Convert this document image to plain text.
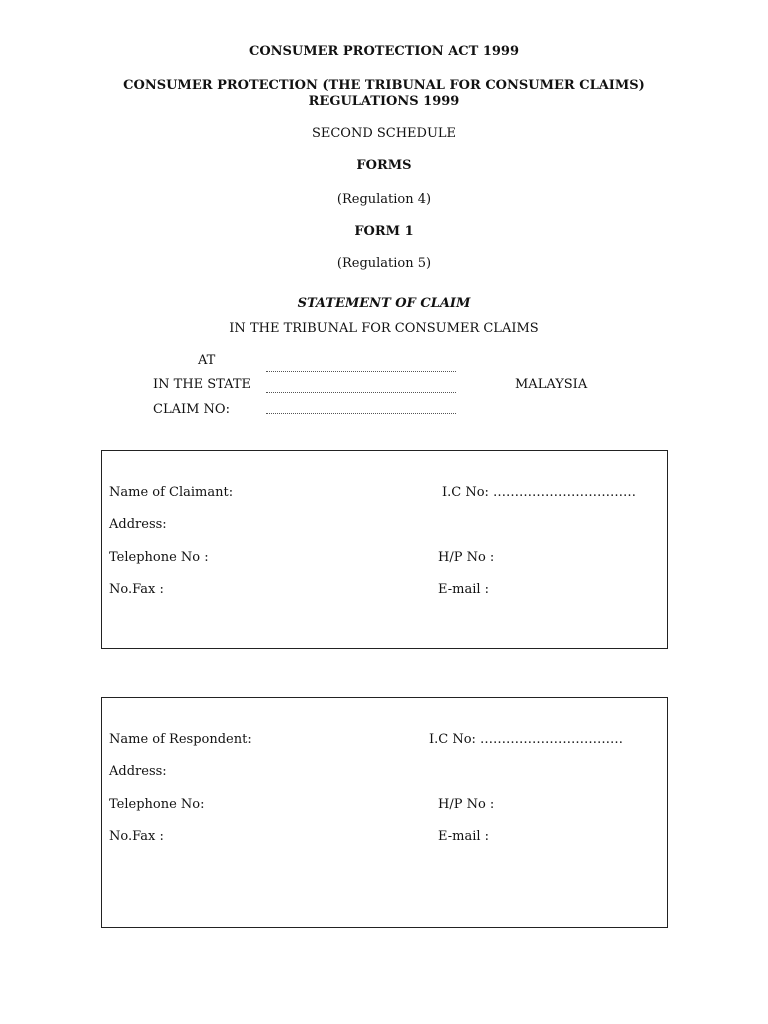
CONSUMER PROTECTION ACT 1999
CONSUMER PROTECTION (THE TRIBUNAL FOR CONSUMER CLAIMS)
REGULATIONS 1999
SECOND SCHEDULE
FORMS
(Regulation 4)
FORM 1
(Regulation 5)
STATEMENT OF CLAIM
IN THE TRIBUNAL FOR CONSUMER CLAIMS
AT
IN THE STATE	MALAYSIA
CLAIM NO:
Name of Claimant:	I.C No: ……………………………
Address:
Telephone No :	H/P No :
No.Fax :	E-mail :
Name of Respondent:	I.C No: ……………………………
Address:
Telephone No:	H/P No :
No.Fax :	E-mail :
